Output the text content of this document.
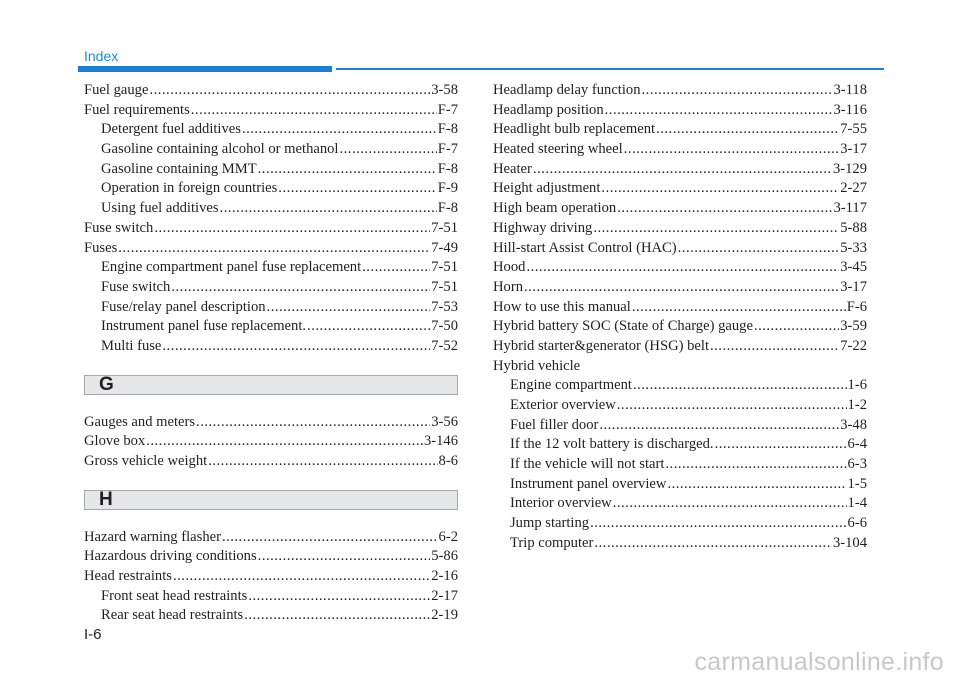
Index
Fuel gauge .....	3-58
Fuel requirements .....	F-7
Detergent fuel additives .....	F-8
Gasoline containing alcohol or methanol .....	F-7
Gasoline containing MMT .....	F-8
Operation in foreign countries .....	F-9
Using fuel additives .....	F-8
Fuse switch .....	7-51
Fuses .....	7-49
Engine compartment panel fuse replacement .....	7-51
Fuse switch .....	7-51
Fuse/relay panel description .....	7-53
Instrument panel fuse replacement. .....	7-50
Multi fuse .....	7-52
G
Gauges and meters .....	3-56
Glove box .....	3-146
Gross vehicle weight .....	8-6
H
Hazard warning flasher .....	6-2
Hazardous driving conditions .....	5-86
Head restraints .....	2-16
Front seat head restraints .....	2-17
Rear seat head restraints .....	2-19
Headlamp delay function .....	3-118
Headlamp position .....	3-116
Headlight bulb replacement .....	7-55
Heated steering wheel .....	3-17
Heater .....	3-129
Height adjustment .....	2-27
High beam operation .....	3-117
Highway driving .....	5-88
Hill-start Assist Control (HAC) .....	5-33
Hood .....	3-45
Horn .....	3-17
How to use this manual .....	F-6
Hybrid battery SOC (State of Charge) gauge .....	3-59
Hybrid starter&generator (HSG) belt .....	7-22
Hybrid vehicle
Engine compartment .....	1-6
Exterior overview .....	1-2
Fuel filler door .....	3-48
If the 12 volt battery is discharged. .....	6-4
If the vehicle will not start .....	6-3
Instrument panel overview .....	1-5
Interior overview .....	1-4
Jump starting .....	6-6
Trip computer .....	3-104
I-6
carmanualsonline.info
